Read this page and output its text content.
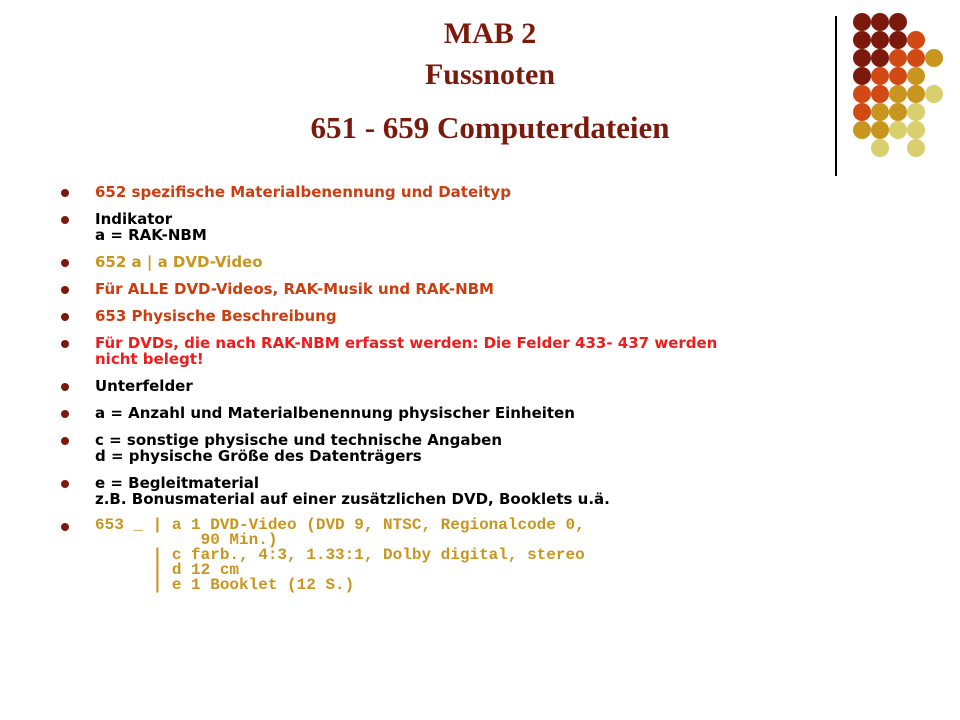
MAB 2
Fussnoten
651 - 659 Computerdateien
652 spezifische Materialbenennung und Dateityp
Indikator
a = RAK-NBM
652 a | a DVD-Video
Für ALLE DVD-Videos, RAK-Musik und RAK-NBM
653 Physische Beschreibung
Für DVDs, die nach RAK-NBM erfasst werden: Die Felder 433- 437 werden
nicht belegt!
Unterfelder
a = Anzahl und Materialbenennung physischer Einheiten
c = sonstige physische und technische Angaben
d = physische Größe des Datenträgers
e = Begleitmaterial
z.B. Bonusmaterial auf einer zusätzlichen DVD, Booklets u.ä.
653 _ | a 1 DVD-Video (DVD 9, NTSC, Regionalcode 0,
90 Min.)
| c farb., 4:3, 1.33:1, Dolby digital, stereo
| d 12 cm
| e 1 Booklet (12 S.)
